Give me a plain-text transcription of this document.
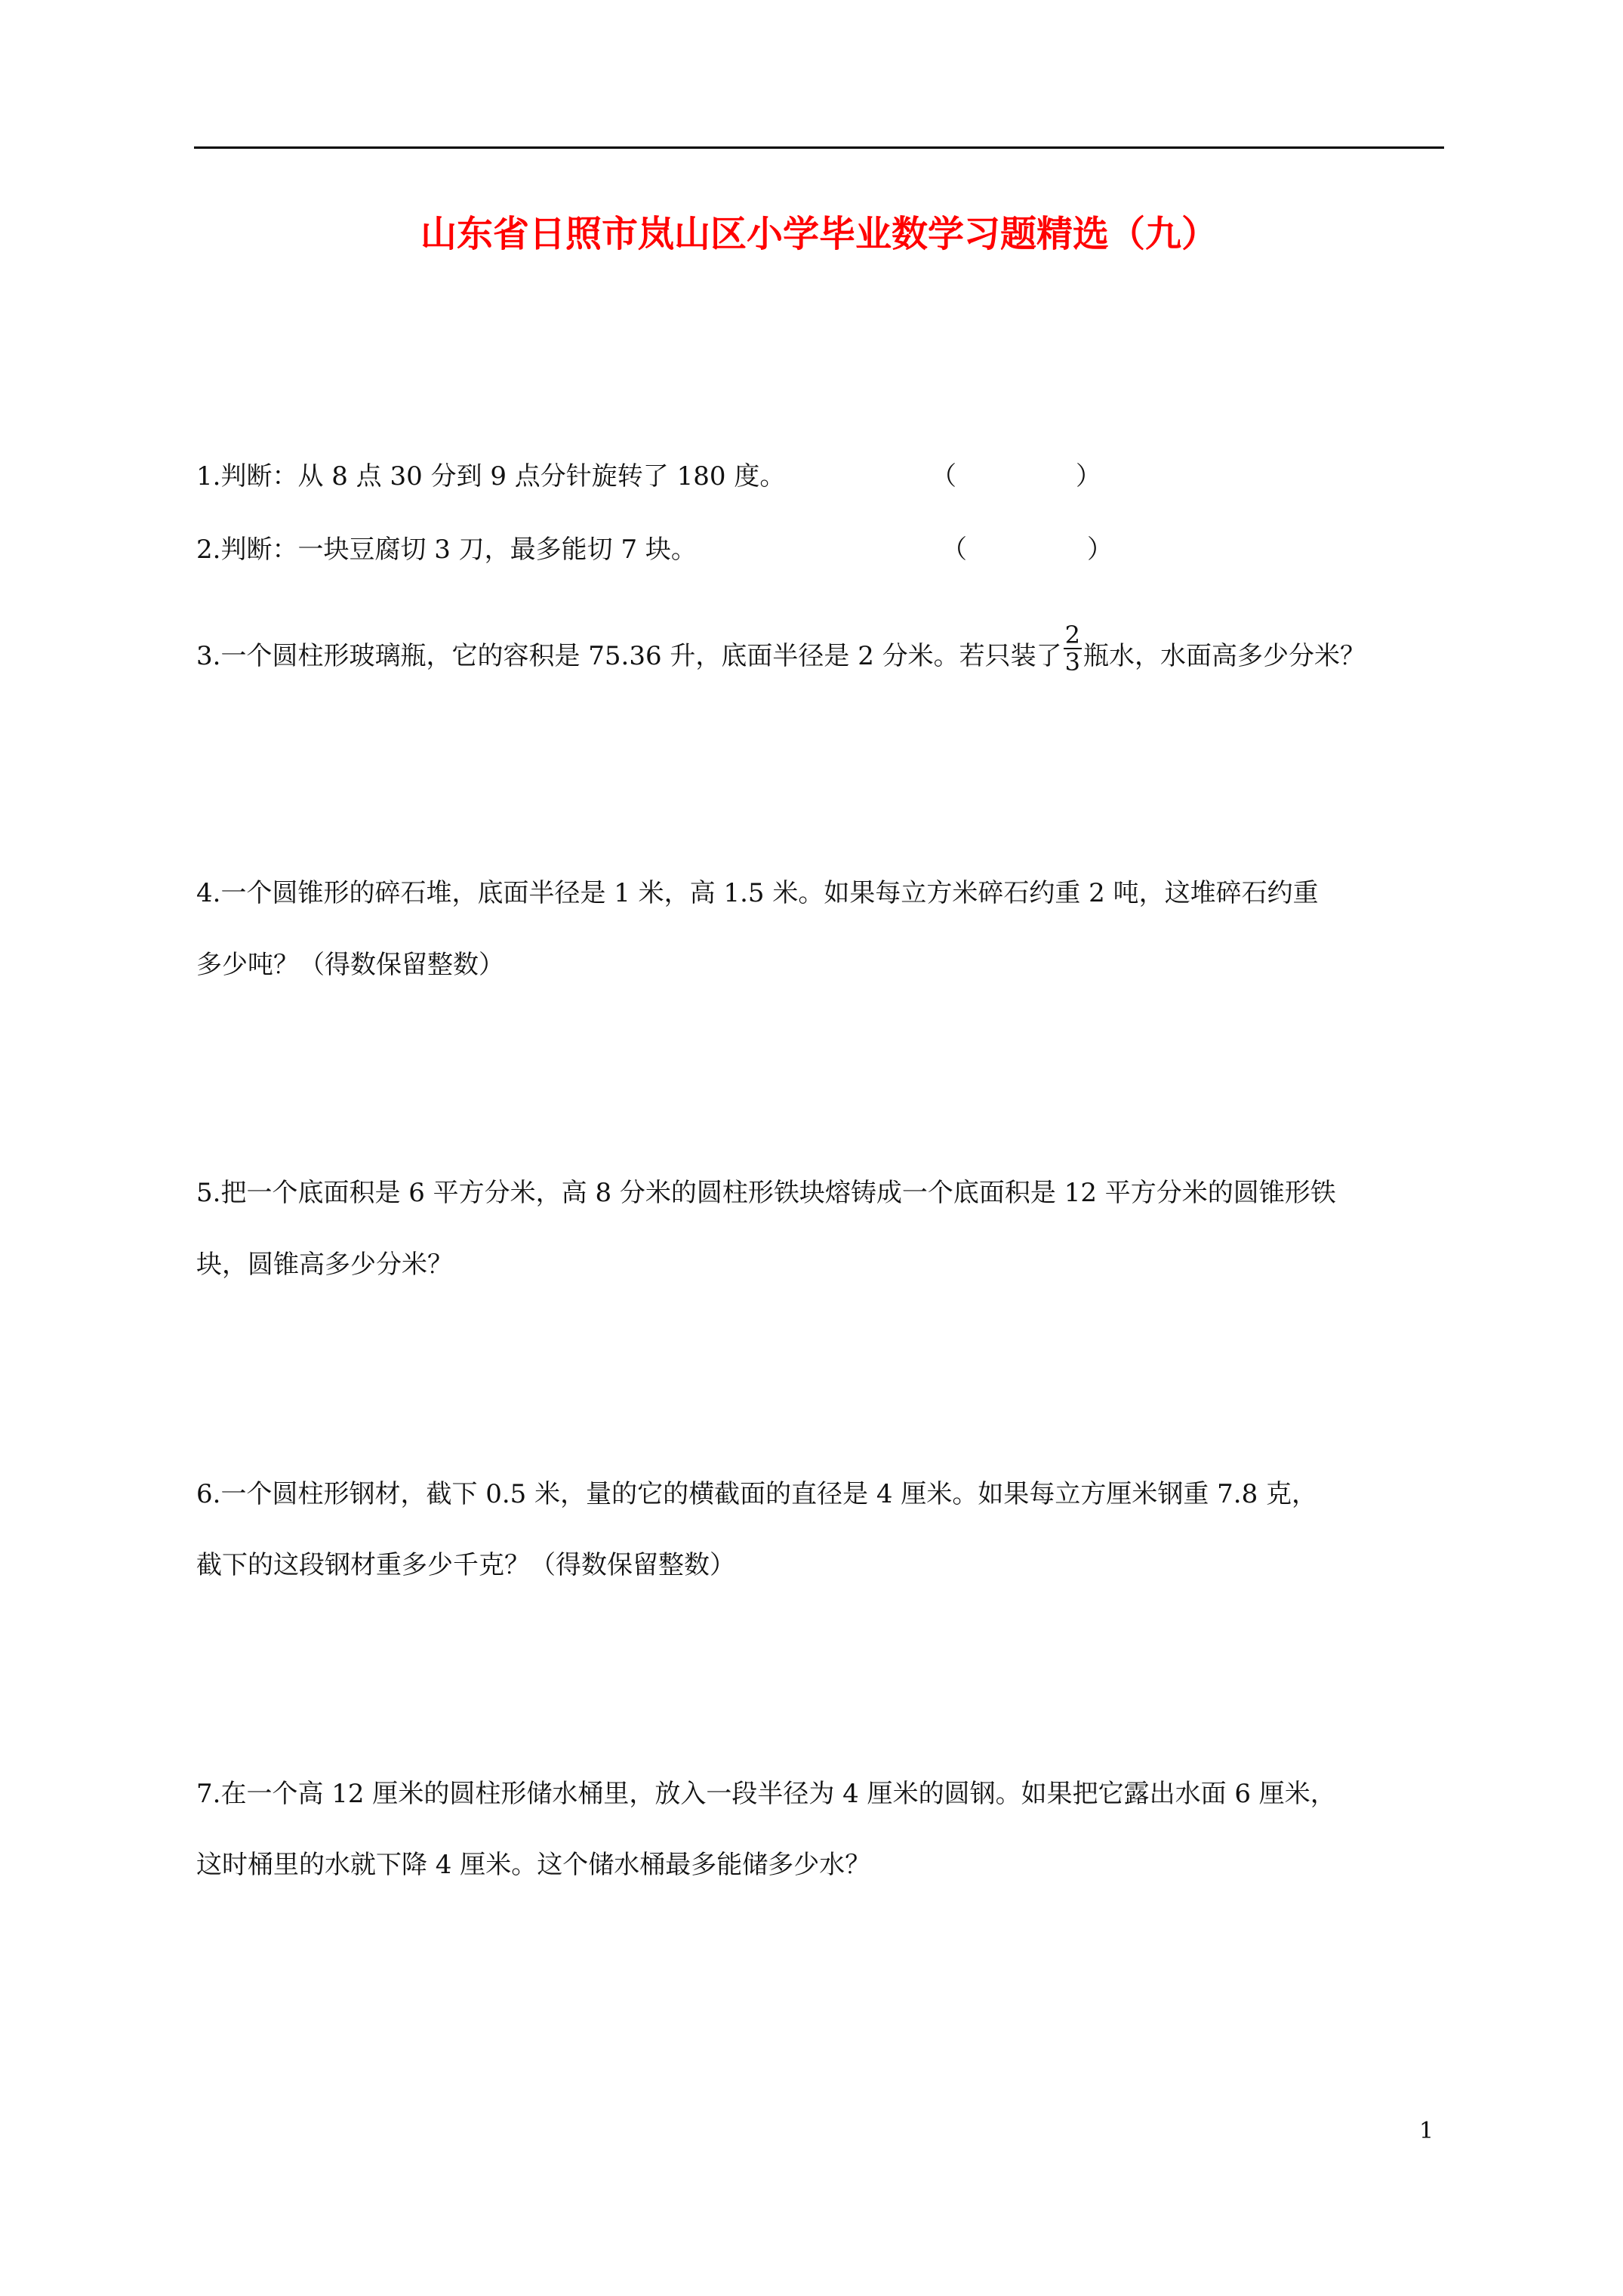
山东省日照市岚山区小学毕业数学习题精选（九）
1.判断：从 8 点 30 分到 9 点分针旋转了 180 度。	（	）
2.判断：一块豆腐切 3 刀，最多能切 7 块。	（	）
3.一个圆柱形玻璃瓶，它的容积是 75.36 升，底面半径是 2 分米。若只装了 $\frac{2}{3}$ 瓶水，水面高多少分米？
4.一个圆锥形的碎石堆，底面半径是 1 米，高 1.5 米。如果每立方米碎石约重 2 吨，这堆碎石约重
多少吨？（得数保留整数）
5.把一个底面积是 6 平方分米，高 8 分米的圆柱形铁块熔铸成一个底面积是 12 平方分米的圆锥形铁
块，圆锥高多少分米？
6.一个圆柱形钢材，截下 0.5 米，量的它的横截面的直径是 4 厘米。如果每立方厘米钢重 7.8 克，
截下的这段钢材重多少千克？（得数保留整数）
7.在一个高 12 厘米的圆柱形储水桶里，放入一段半径为 4 厘米的圆钢。如果把它露出水面 6 厘米，
这时桶里的水就下降 4 厘米。这个储水桶最多能储多少水？
1
